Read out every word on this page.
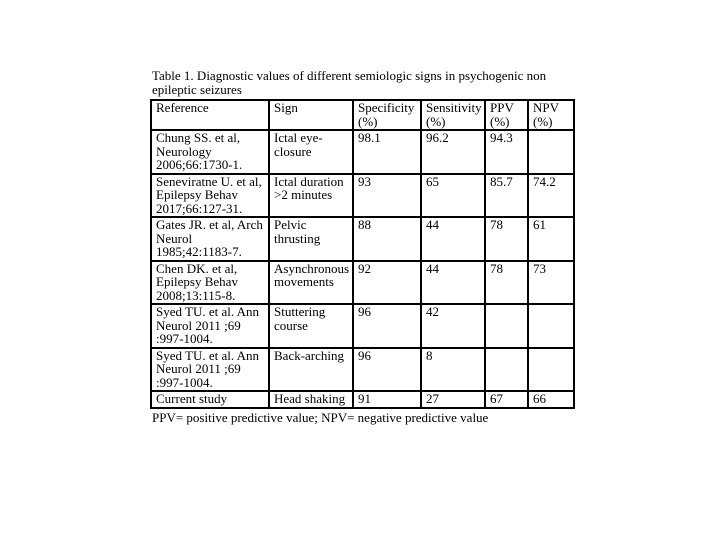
Table 1. Diagnostic values of different semiologic signs in psychogenic non epileptic seizures
Reference	Sign	Specificity (%)	Sensitivity (%)	PPV (%)	NPV (%)
Chung SS. et al, Neurology 2006;66:1730-1.	Ictal eye-closure	98.1	96.2	94.3	
Seneviratne U. et al, Epilepsy Behav 2017;66:127-31.	Ictal duration >2 minutes	93	65	85.7	74.2
Gates JR. et al, Arch Neurol 1985;42:1183-7.	Pelvic thrusting	88	44	78	61
Chen DK. et al, Epilepsy Behav 2008;13:115-8.	Asynchronous movements	92	44	78	73
Syed TU. et al. Ann Neurol 2011 ;69 :997-1004.	Stuttering course	96	42		
Syed TU. et al. Ann Neurol 2011 ;69 :997-1004.	Back-arching	96	8		
Current study	Head shaking	91	27	67	66
PPV= positive predictive value; NPV= negative predictive value
